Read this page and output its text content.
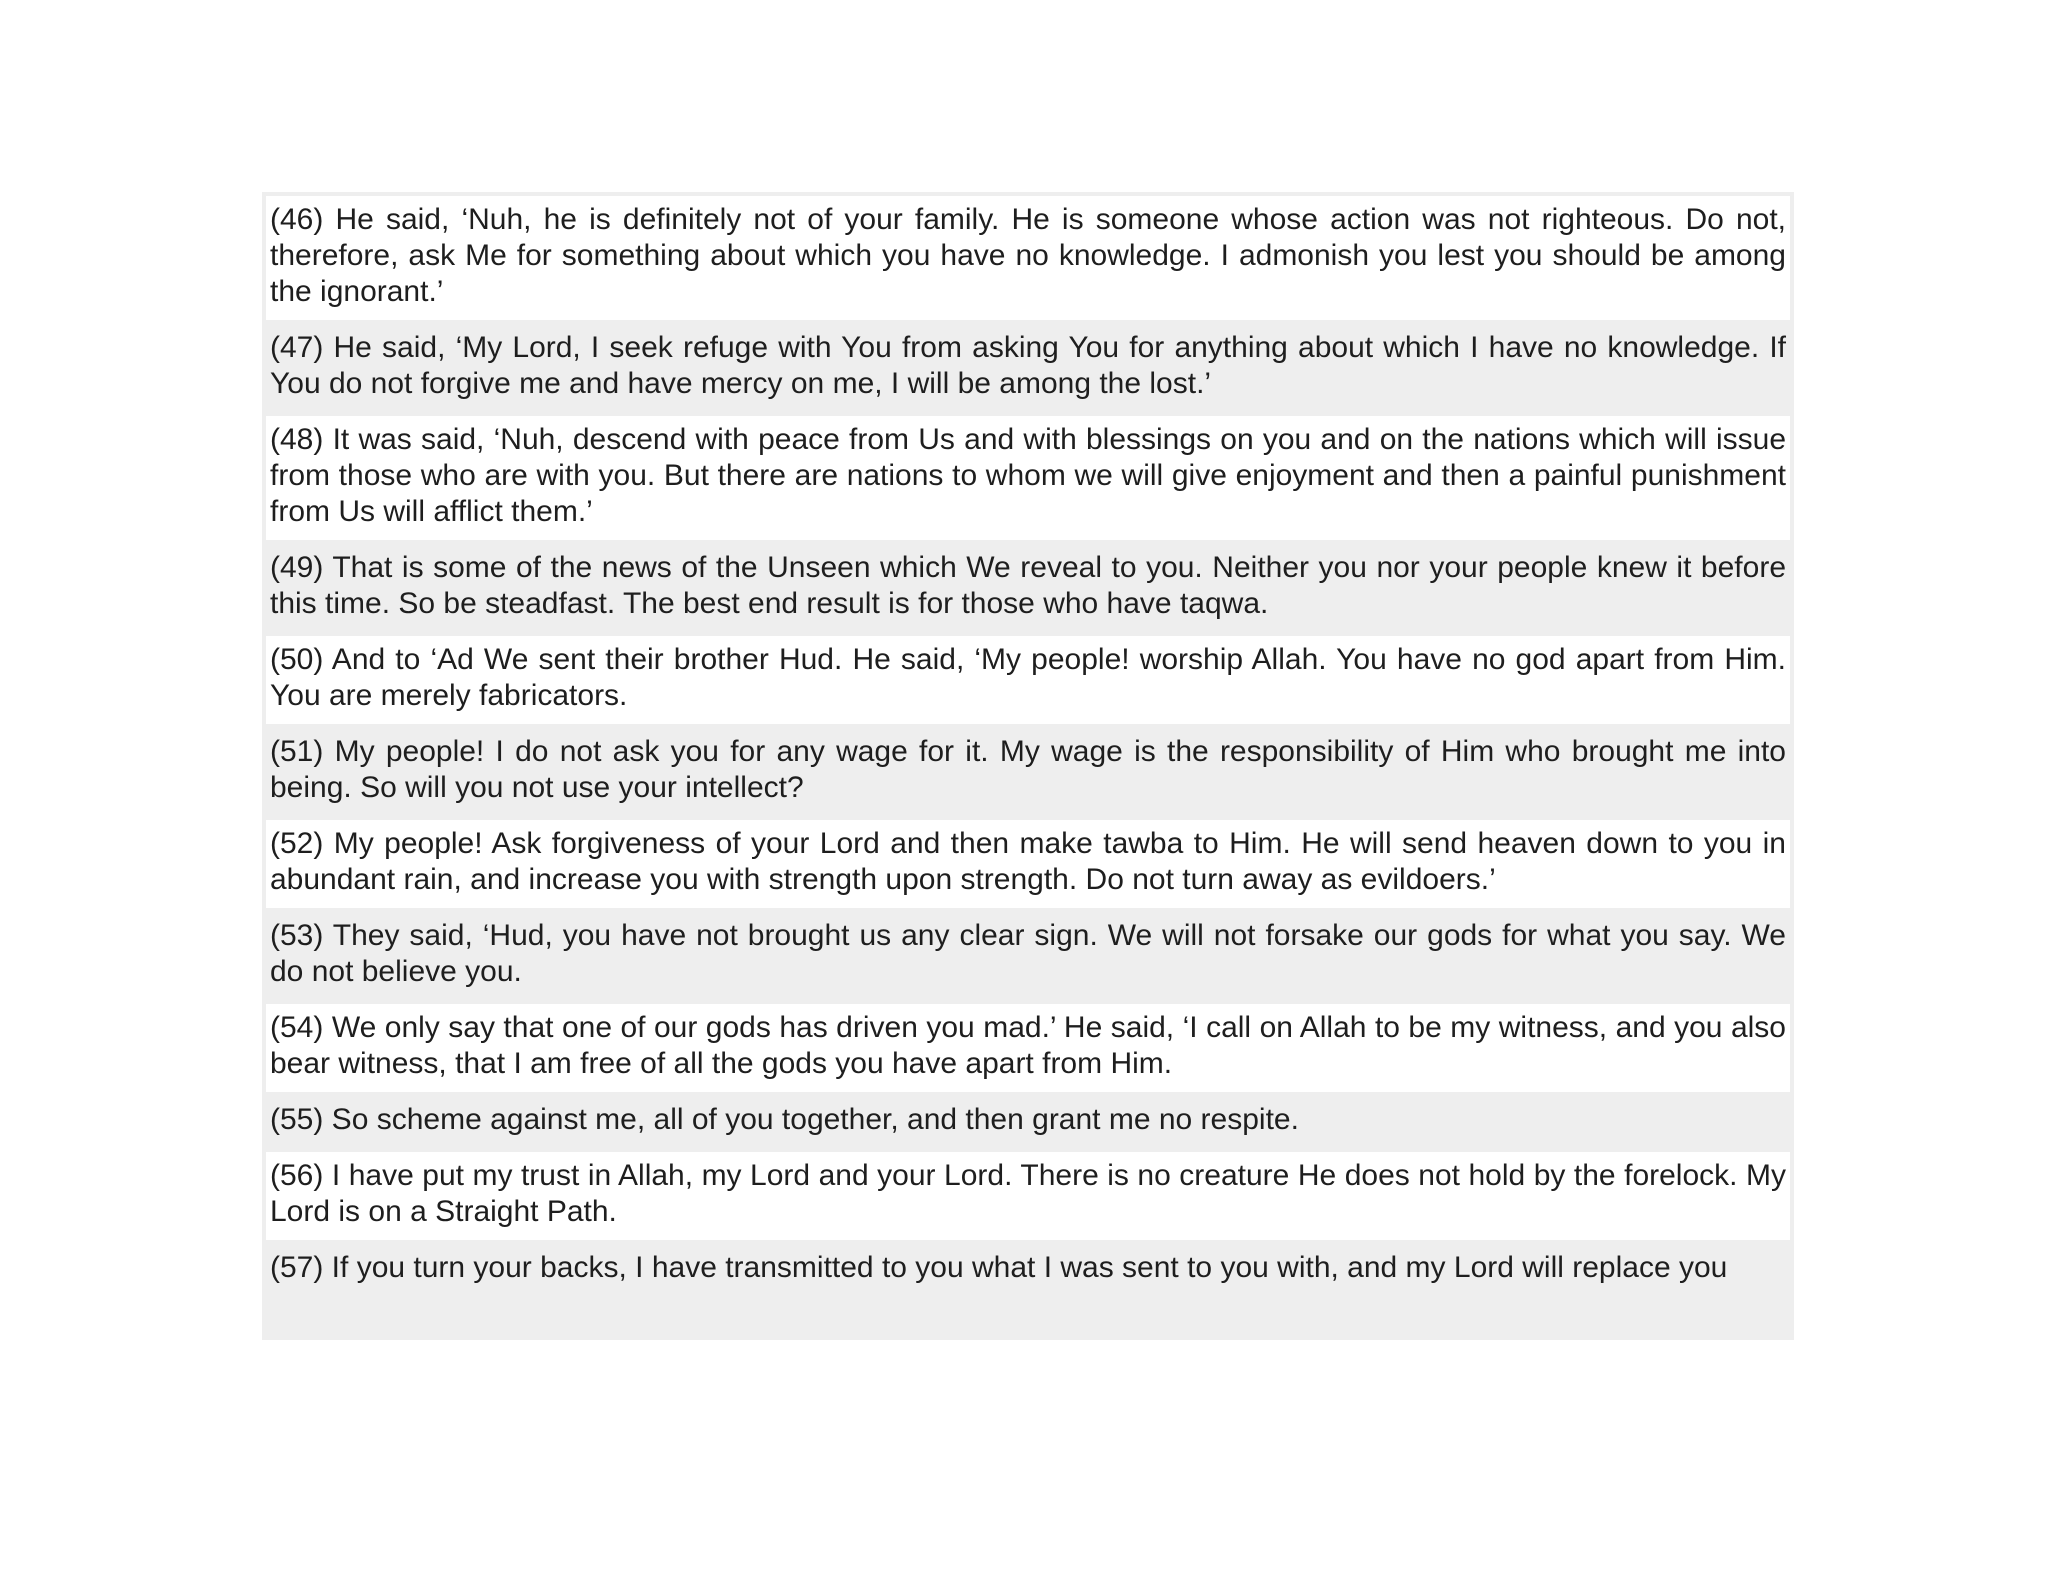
(46) He said, ‘Nuh, he is definitely not of your family. He is someone whose action was not righteous. Do not, therefore, ask Me for something about which you have no knowledge. I admonish you lest you should be among the ignorant.’
(47) He said, ‘My Lord, I seek refuge with You from asking You for anything about which I have no knowledge. If You do not forgive me and have mercy on me, I will be among the lost.’
(48) It was said, ‘Nuh, descend with peace from Us and with blessings on you and on the nations which will issue from those who are with you. But there are nations to whom we will give enjoyment and then a painful punishment from Us will afflict them.’
(49) That is some of the news of the Unseen which We reveal to you. Neither you nor your people knew it before this time. So be steadfast. The best end result is for those who have taqwa.
(50) And to ‘Ad We sent their brother Hud. He said, ‘My people! worship Allah. You have no god apart from Him. You are merely fabricators.
(51) My people! I do not ask you for any wage for it. My wage is the responsibility of Him who brought me into being. So will you not use your intellect?
(52) My people! Ask forgiveness of your Lord and then make tawba to Him. He will send heaven down to you in abundant rain, and increase you with strength upon strength. Do not turn away as evildoers.’
(53) They said, ‘Hud, you have not brought us any clear sign. We will not forsake our gods for what you say. We do not believe you.
(54) We only say that one of our gods has driven you mad.’ He said, ‘I call on Allah to be my witness, and you also bear witness, that I am free of all the gods you have apart from Him.
(55) So scheme against me, all of you together, and then grant me no respite.
(56) I have put my trust in Allah, my Lord and your Lord. There is no creature He does not hold by the forelock. My Lord is on a Straight Path.
(57) If you turn your backs, I have transmitted to you what I was sent to you with, and my Lord will replace you
